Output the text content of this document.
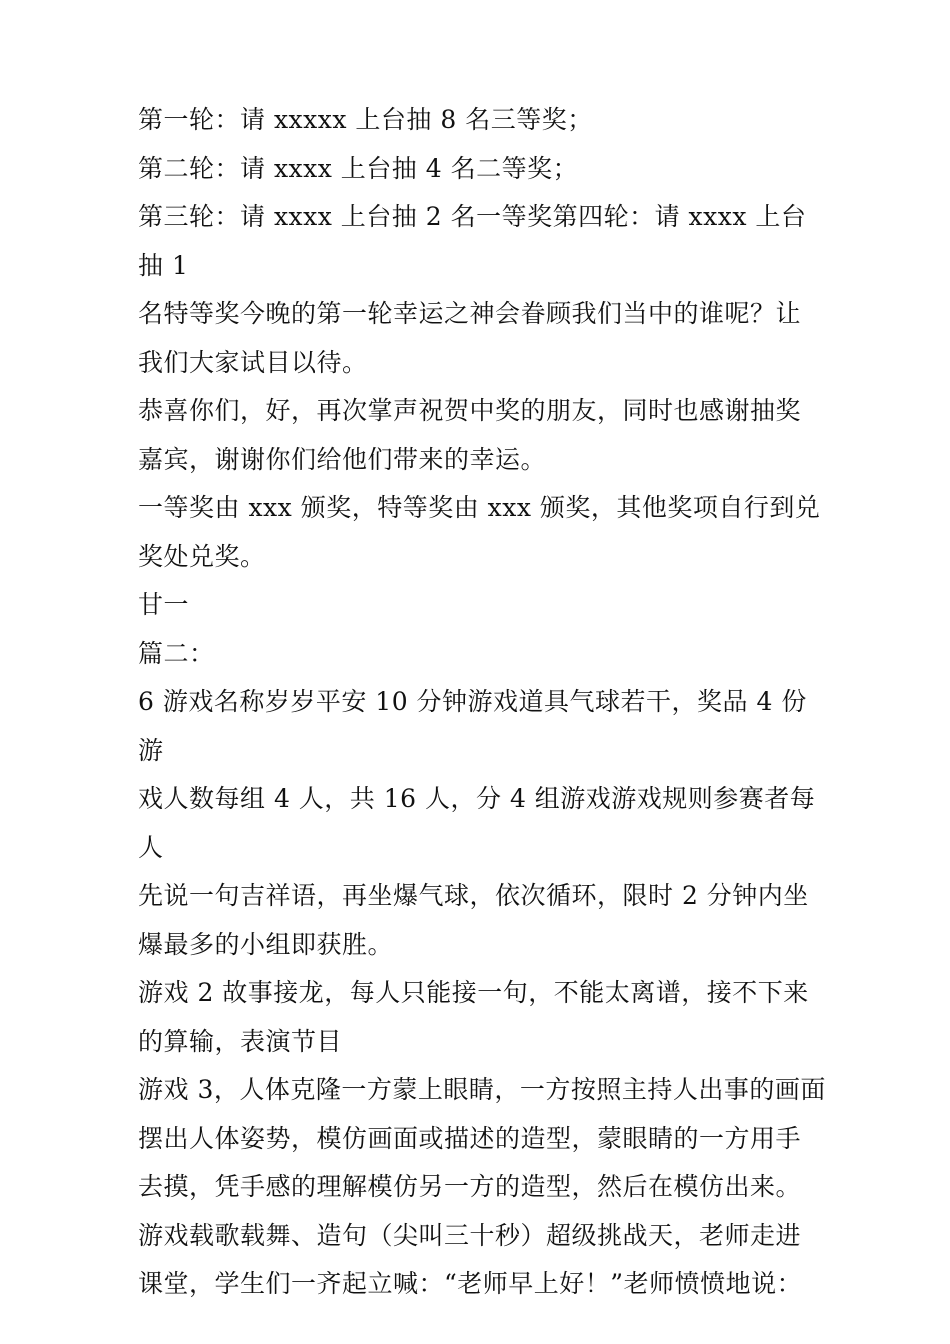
第一轮：请 xxxxx 上台抽 8 名三等奖；

第二轮：请 xxxx 上台抽 4 名二等奖；

第三轮：请 xxxx 上台抽 2 名一等奖第四轮：请 xxxx 上台抽 1
名特等奖今晚的第一轮幸运之神会眷顾我们当中的谁呢？让
我们大家试目以待。

恭喜你们，好，再次掌声祝贺中奖的朋友，同时也感谢抽奖
嘉宾，谢谢你们给他们带来的幸运。

一等奖由 xxx 颁奖，特等奖由 xxx 颁奖，其他奖项自行到兑
奖处兑奖。

甘一

篇二：

6 游戏名称岁岁平安 10 分钟游戏道具气球若干，奖品 4 份游
戏人数每组 4 人，共 16 人，分 4 组游戏游戏规则参赛者每人
先说一句吉祥语，再坐爆气球，依次循环，限时 2 分钟内坐
爆最多的小组即获胜。

游戏 2 故事接龙，每人只能接一句，不能太离谱，接不下来
的算输，表演节目

游戏 3，人体克隆一方蒙上眼睛，一方按照主持人出事的画面
摆出人体姿势，模仿画面或描述的造型，蒙眼睛的一方用手
去摸，凭手感的理解模仿另一方的造型，然后在模仿出来。

游戏载歌载舞、造句（尖叫三十秒）超级挑战天，老师走进
课堂，学生们一齐起立喊：“老师早上好！”老师愤愤地说：
